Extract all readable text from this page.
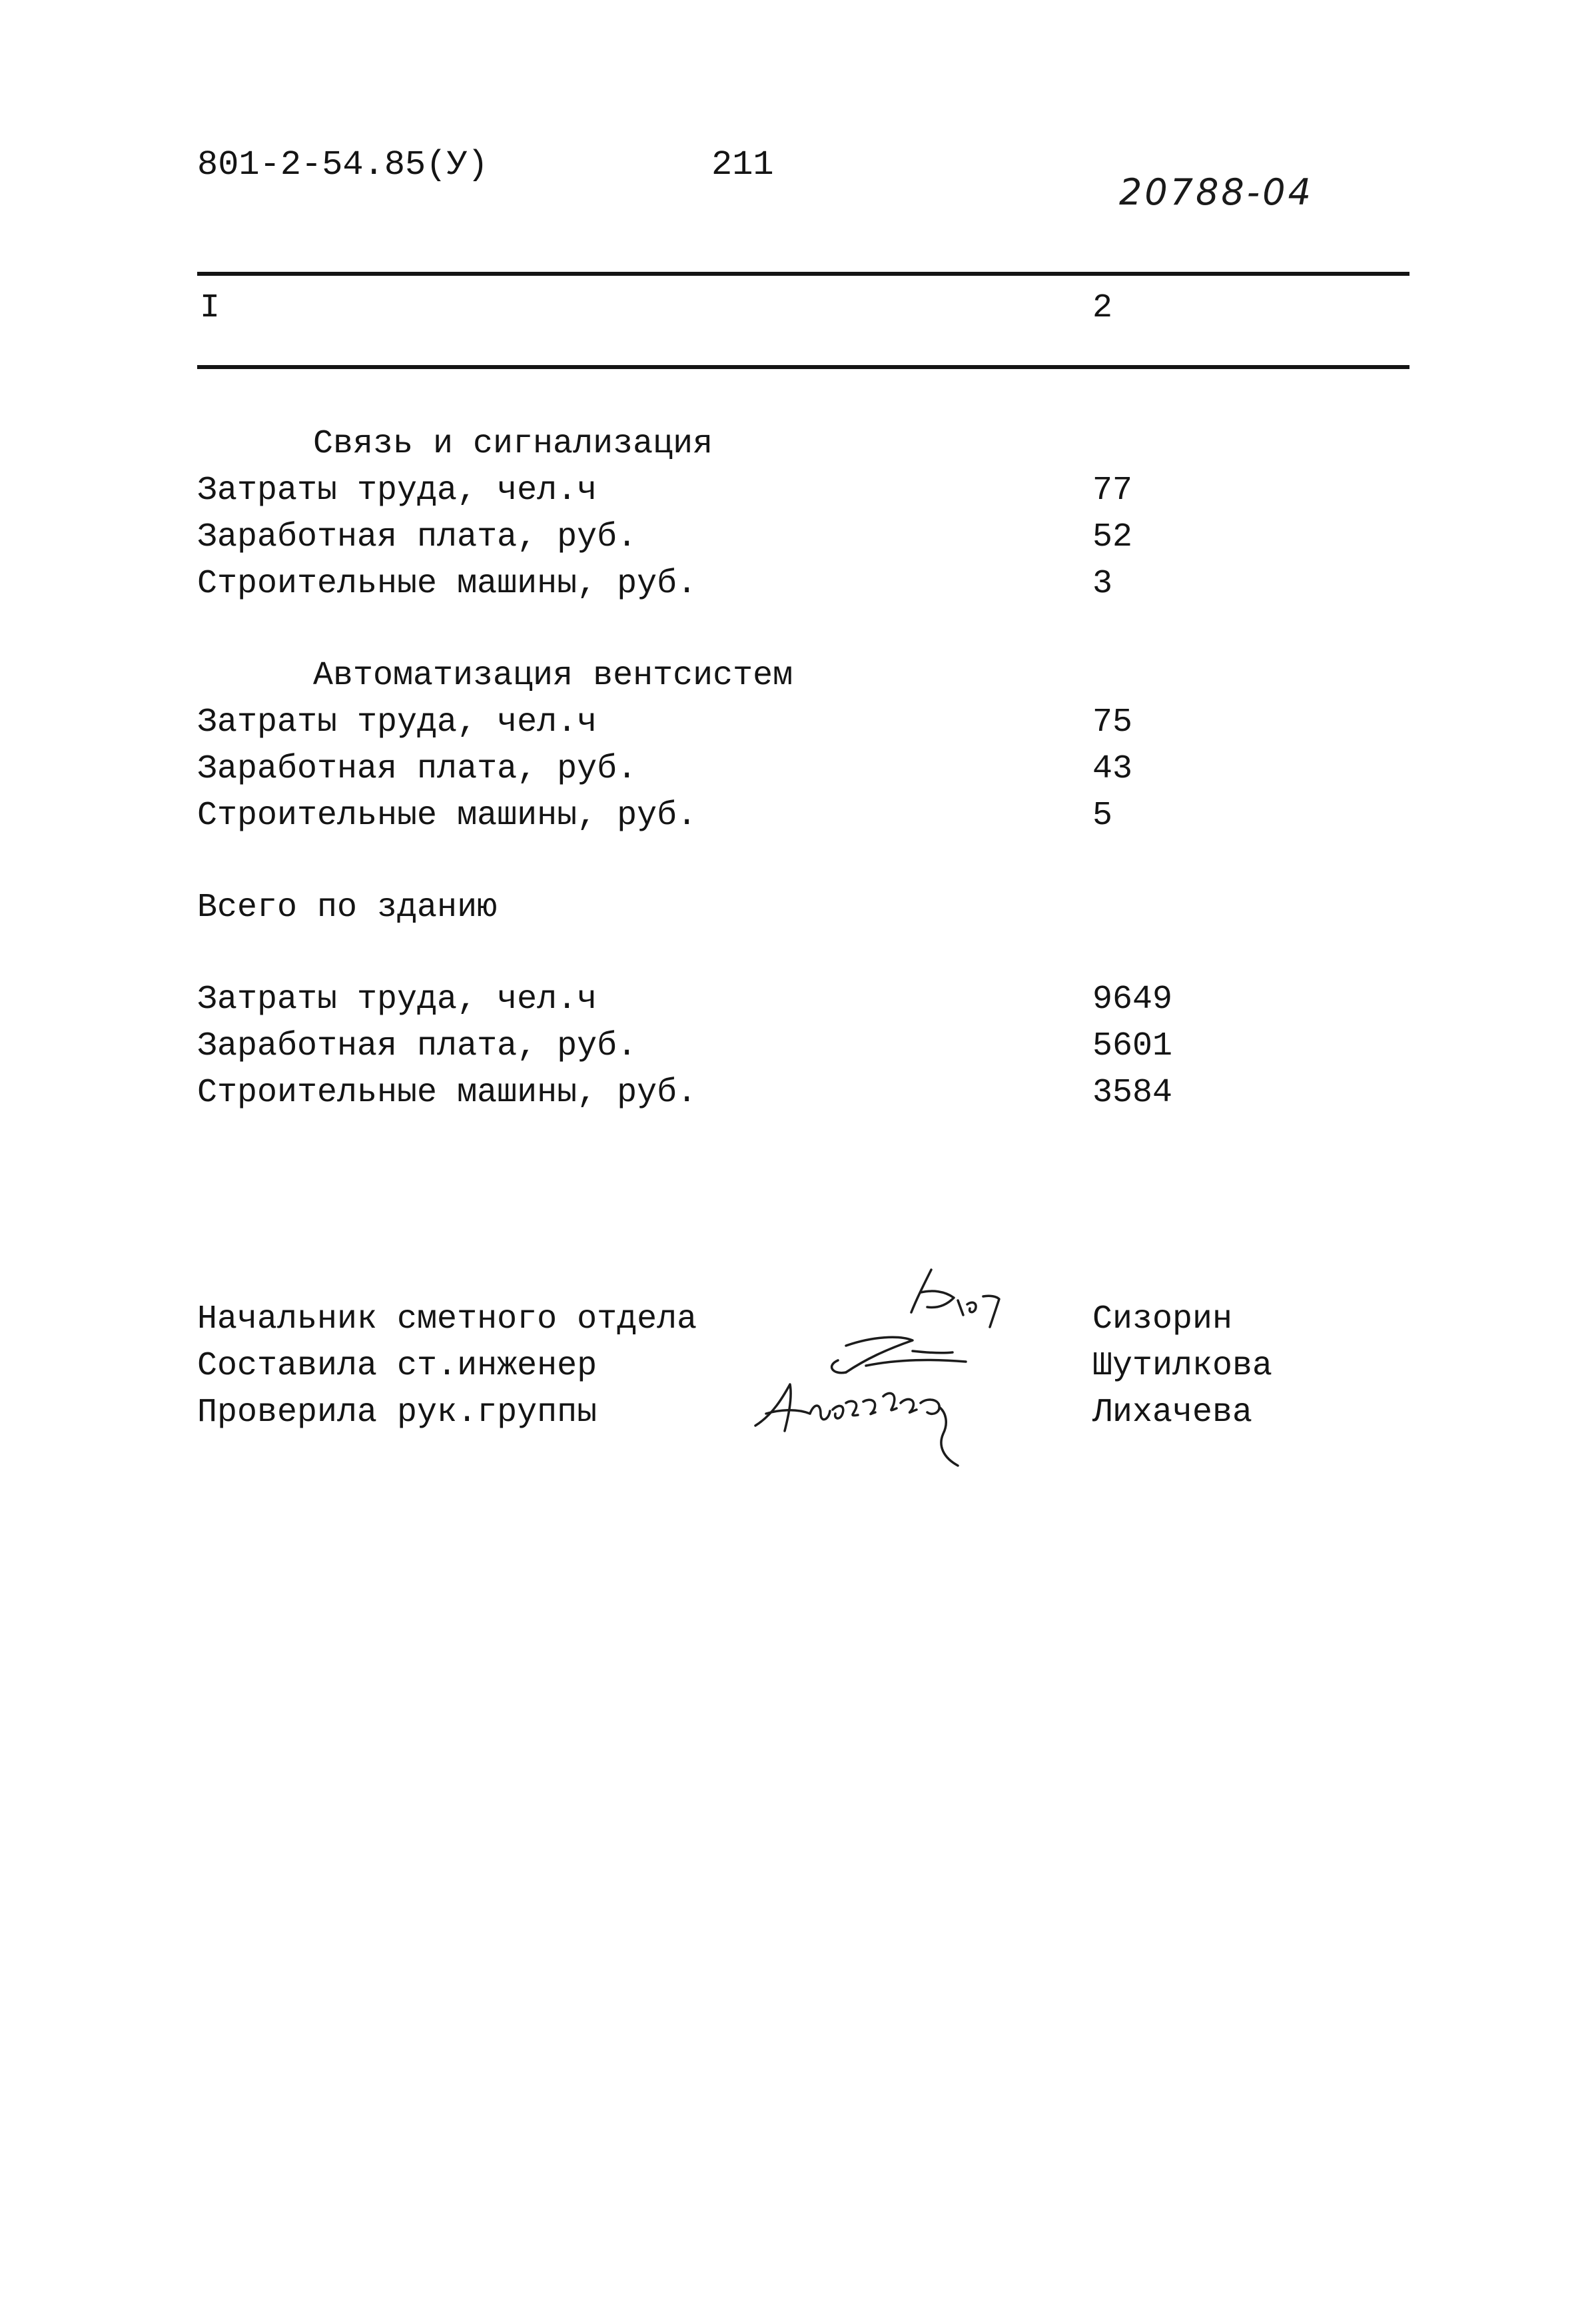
801-2-54.85(У)	211
20788-04
I	2
Связь и сигнализация
Затраты труда, чел.ч	77
Заработная плата, руб.	52
Строительные машины, руб.	3
Автоматизация вентсистем
Затраты труда, чел.ч	75
Заработная плата, руб.	43
Строительные машины, руб.	5
Всего по зданию
Затраты труда, чел.ч	9649
Заработная плата, руб.	5601
Строительные машины, руб.	3584
Начальник сметного отдела	Сизорин
Составила ст.инженер	Шутилкова
Проверила рук.группы	Лихачева
